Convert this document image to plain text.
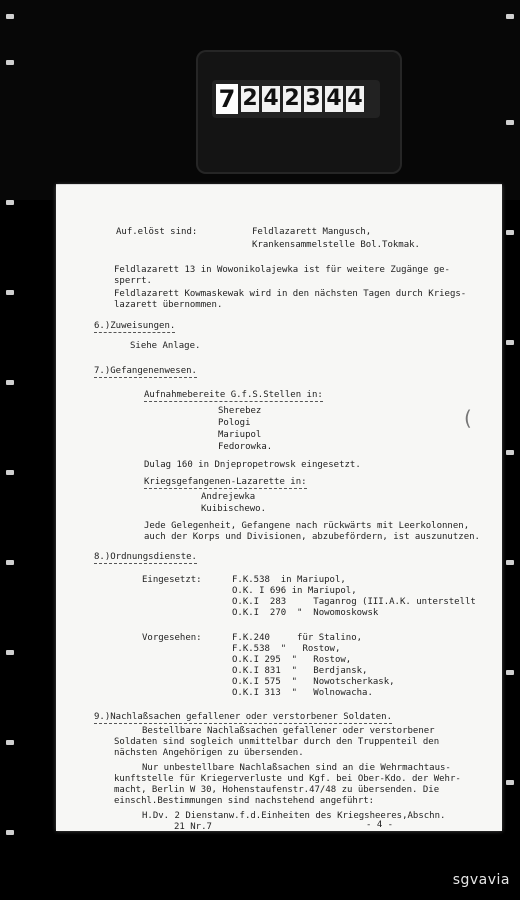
7 2 4 2 3 4 4
Auf.elöst sind:	Feldlazarett Mangusch,
Krankensammelstelle Bol.Tokmak.
Feldlazarett 13 in Wowonikolajewka ist für weitere Zugänge ge-
sperrt.
Feldlazarett Kowmaskewak wird in den nächsten Tagen durch Kriegs-
lazarett übernommen.
6.)Zuweisungen.
Siehe Anlage.
7.)Gefangenenwesen.
Aufnahmebereite G.f.S.Stellen in:
Sherebez
Pologi
Mariupol
Fedorowka.
(
Dulag 160 in Dnjepropetrowsk eingesetzt.
Kriegsgefangenen-Lazarette in:
Andrejewka
Kuibischewo.
Jede Gelegenheit, Gefangene nach rückwärts mit Leerkolonnen,
auch der Korps und Divisionen, abzubefördern, ist auszunutzen.
8.)Ordnungsdienste.
Eingesetzt:	F.K.538  in Mariupol,
O.K. I 696 in Mariupol,
O.K.I  283     Taganrog (III.A.K. unterstellt
O.K.I  270  "  Nowomoskowsk
Vorgesehen:	F.K.240     für Stalino,
F.K.538  "   Rostow,
O.K.I 295  "   Rostow,
O.K.I 831  "   Berdjansk,
O.K.I 575  "   Nowotscherkask,
O.K.I 313  "   Wolnowacha.
9.)Nachlaßsachen gefallener oder verstorbener Soldaten.
Bestellbare Nachlaßsachen gefallener oder verstorbener
Soldaten sind sogleich unmittelbar durch den Truppenteil den
nächsten Angehörigen zu übersenden.
Nur unbestellbare Nachlaßsachen sind an die Wehrmachtaus-
kunftstelle für Kriegerverluste und Kgf. bei Ober-Kdo. der Wehr-
macht, Berlin W 30, Hohenstaufenstr.47/48 zu übersenden. Die
einschl.Bestimmungen sind nachstehend angeführt:
H.Dv. 2 Dienstanw.f.d.Einheiten des Kriegsheeres,Abschn.
21 Nr.7	- 4 -
sgvavia
